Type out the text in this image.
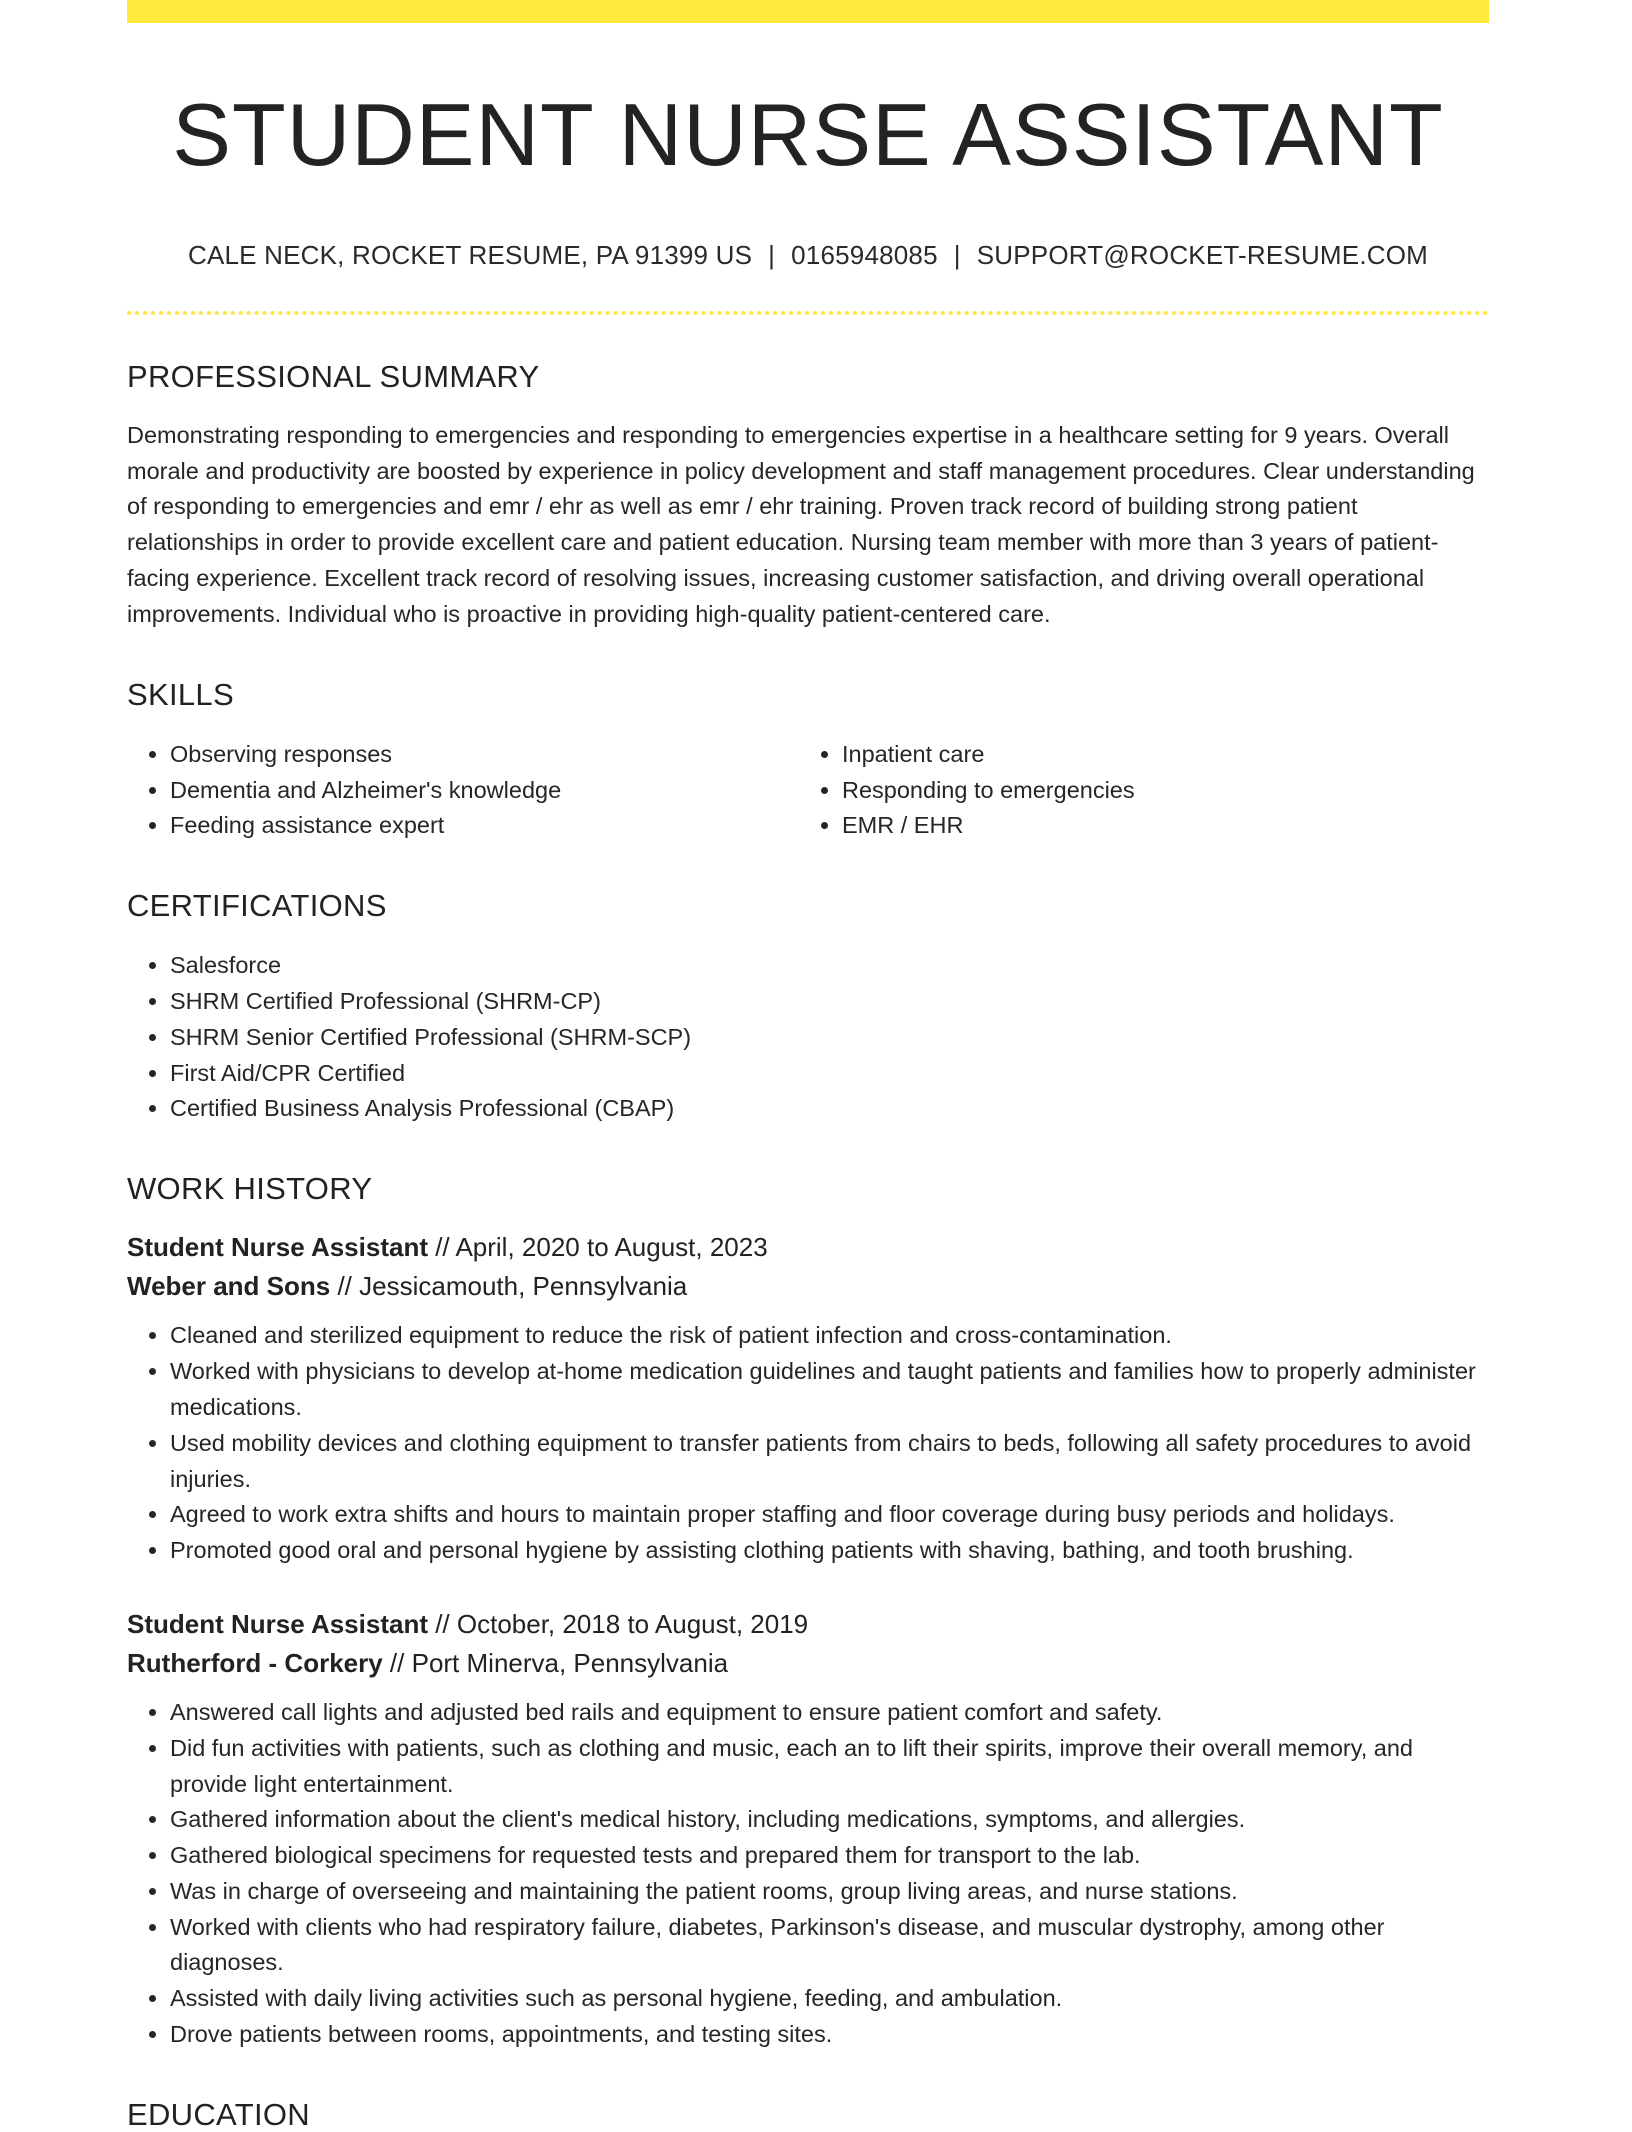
STUDENT NURSE ASSISTANT
CALE NECK, ROCKET RESUME, PA 91399 US | 0165948085 | SUPPORT@ROCKET-RESUME.COM
PROFESSIONAL SUMMARY
Demonstrating responding to emergencies and responding to emergencies expertise in a healthcare setting for 9 years. Overall morale and productivity are boosted by experience in policy development and staff management procedures. Clear understanding of responding to emergencies and emr / ehr as well as emr / ehr training. Proven track record of building strong patient relationships in order to provide excellent care and patient education. Nursing team member with more than 3 years of patient-facing experience. Excellent track record of resolving issues, increasing customer satisfaction, and driving overall operational improvements. Individual who is proactive in providing high-quality patient-centered care.
SKILLS
• Observing responses
• Dementia and Alzheimer's knowledge
• Feeding assistance expert
• Inpatient care
• Responding to emergencies
• EMR / EHR
CERTIFICATIONS
• Salesforce
• SHRM Certified Professional (SHRM-CP)
• SHRM Senior Certified Professional (SHRM-SCP)
• First Aid/CPR Certified
• Certified Business Analysis Professional (CBAP)
WORK HISTORY
Student Nurse Assistant // April, 2020 to August, 2023
Weber and Sons // Jessicamouth, Pennsylvania
• Cleaned and sterilized equipment to reduce the risk of patient infection and cross-contamination.
• Worked with physicians to develop at-home medication guidelines and taught patients and families how to properly administer medications.
• Used mobility devices and clothing equipment to transfer patients from chairs to beds, following all safety procedures to avoid injuries.
• Agreed to work extra shifts and hours to maintain proper staffing and floor coverage during busy periods and holidays.
• Promoted good oral and personal hygiene by assisting clothing patients with shaving, bathing, and tooth brushing.
Student Nurse Assistant // October, 2018 to August, 2019
Rutherford - Corkery // Port Minerva, Pennsylvania
• Answered call lights and adjusted bed rails and equipment to ensure patient comfort and safety.
• Did fun activities with patients, such as clothing and music, each an to lift their spirits, improve their overall memory, and provide light entertainment.
• Gathered information about the client's medical history, including medications, symptoms, and allergies.
• Gathered biological specimens for requested tests and prepared them for transport to the lab.
• Was in charge of overseeing and maintaining the patient rooms, group living areas, and nurse stations.
• Worked with clients who had respiratory failure, diabetes, Parkinson's disease, and muscular dystrophy, among other diagnoses.
• Assisted with daily living activities such as personal hygiene, feeding, and ambulation.
• Drove patients between rooms, appointments, and testing sites.
EDUCATION
